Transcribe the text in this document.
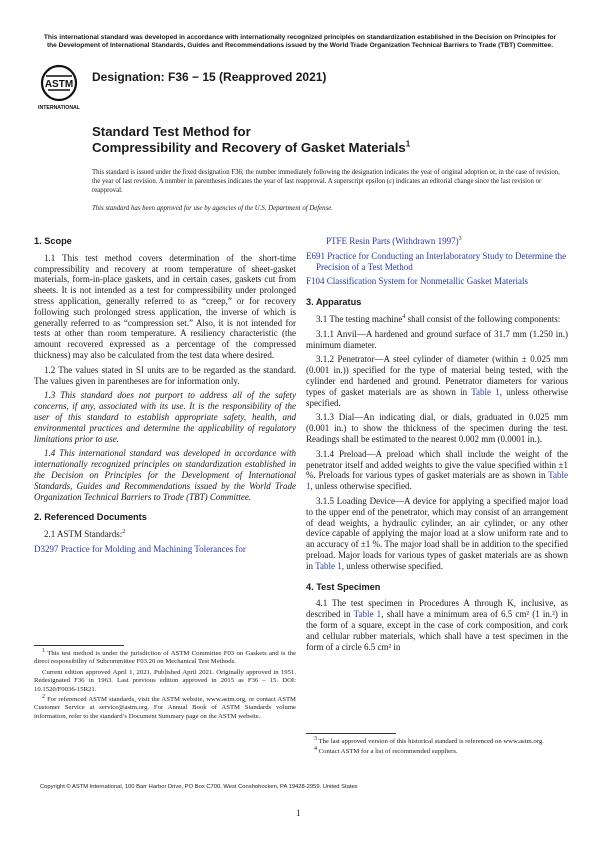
This international standard was developed in accordance with internationally recognized principles on standardization established in the Decision on Principles for the Development of International Standards, Guides and Recommendations issued by the World Trade Organization Technical Barriers to Trade (TBT) Committee.
ASTM
INTERNATIONAL
Designation: F36 − 15 (Reapproved 2021)
Standard Test Method for
Compressibility and Recovery of Gasket Materials$^1$
This standard is issued under the fixed designation F36; the number immediately following the designation indicates the year of original adoption or, in the case of revision, the year of last revision. A number in parentheses indicates the year of last reapproval. A superscript epsilon (ε) indicates an editorial change since the last revision or reapproval.
This standard has been approved for use by agencies of the U.S. Department of Defense.
1. Scope

1.1 This test method covers determination of the short-time compressibility and recovery at room temperature of sheet-gasket materials, form-in-place gaskets, and in certain cases, gaskets cut from sheets. It is not intended as a test for compressibility under prolonged stress application, generally referred to as “creep,” or for recovery following such prolonged stress application, the inverse of which is generally referred to as “compression set.” Also, it is not intended for tests at other than room temperature. A resiliency characteristic (the amount recovered expressed as a percentage of the compressed thickness) may also be calculated from the test data where desired.

1.2 The values stated in SI units are to be regarded as the standard. The values given in parentheses are for information only.

1.3 This standard does not purport to address all of the safety concerns, if any, associated with its use. It is the responsibility of the user of this standard to establish appropriate safety, health, and environmental practices and determine the applicability of regulatory limitations prior to use.

1.4 This international standard was developed in accordance with internationally recognized principles on standardization established in the Decision on Principles for the Development of International Standards, Guides and Recommendations issued by the World Trade Organization Technical Barriers to Trade (TBT) Committee.

2. Referenced Documents

2.1 ASTM Standards:$^2$

D3297 Practice for Molding and Machining Tolerances for

$^1$ This test method is under the jurisdiction of ASTM Committee F03 on Gaskets and is the direct responsibility of Subcommittee F03.20 on Mechanical Test Methods.

Current edition approved April 1, 2021. Published April 2021. Originally approved in 1951. Redesignated F36 in 1963. Last previous edition approved in 2015 as F36 – 15. DOI: 10.1520/F0036-15R21.

$^2$ For referenced ASTM standards, visit the ASTM website, www.astm.org, or contact ASTM Customer Service at service@astm.org. For Annual Book of ASTM Standards volume information, refer to the standard’s Document Summary page on the ASTM website.

PTFE Resin Parts (Withdrawn 1997)$^3$

E691 Practice for Conducting an Interlaboratory Study to Determine the Precision of a Test Method

F104 Classification System for Nonmetallic Gasket Materials

3. Apparatus

3.1 The testing machine$^4$ shall consist of the following components:

3.1.1 Anvil—A hardened and ground surface of 31.7 mm (1.250 in.) minimum diameter.

3.1.2 Penetrator—A steel cylinder of diameter (within ± 0.025 mm (0.001 in.)) specified for the type of material being tested, with the cylinder end hardened and ground. Penetrator diameters for various types of gasket materials are as shown in Table 1, unless otherwise specified.

3.1.3 Dial—An indicating dial, or dials, graduated in 0.025 mm (0.001 in.) to show the thickness of the specimen during the test. Readings shall be estimated to the nearest 0.002 mm (0.0001 in.).

3.1.4 Preload—A preload which shall include the weight of the penetrator itself and added weights to give the value specified within ±1 %. Preloads for various types of gasket materials are as shown in Table 1, unless otherwise specified.

3.1.5 Loading Device—A device for applying a specified major load to the upper end of the penetrator, which may consist of an arrangement of dead weights, a hydraulic cylinder, an air cylinder, or any other device capable of applying the major load at a slow uniform rate and to an accuracy of ±1 %. The major load shall be in addition to the specified preload. Major loads for various types of gasket materials are as shown in Table 1, unless otherwise specified.

4. Test Specimen

4.1 The test specimen in Procedures A through K, inclusive, as described in Table 1, shall have a minimum area of 6.5 cm² (1 in.²) in the form of a square, except in the case of cork composition, and cork and cellular rubber materials, which shall have a test specimen in the form of a circle 6.5 cm² in

$^3$ The last approved version of this historical standard is referenced on www.astm.org.

$^4$ Contact ASTM for a list of recommended suppliers.

Copyright © ASTM International, 100 Barr Harbor Drive, PO Box C700, West Conshohocken, PA 19428-2959. United States
1
